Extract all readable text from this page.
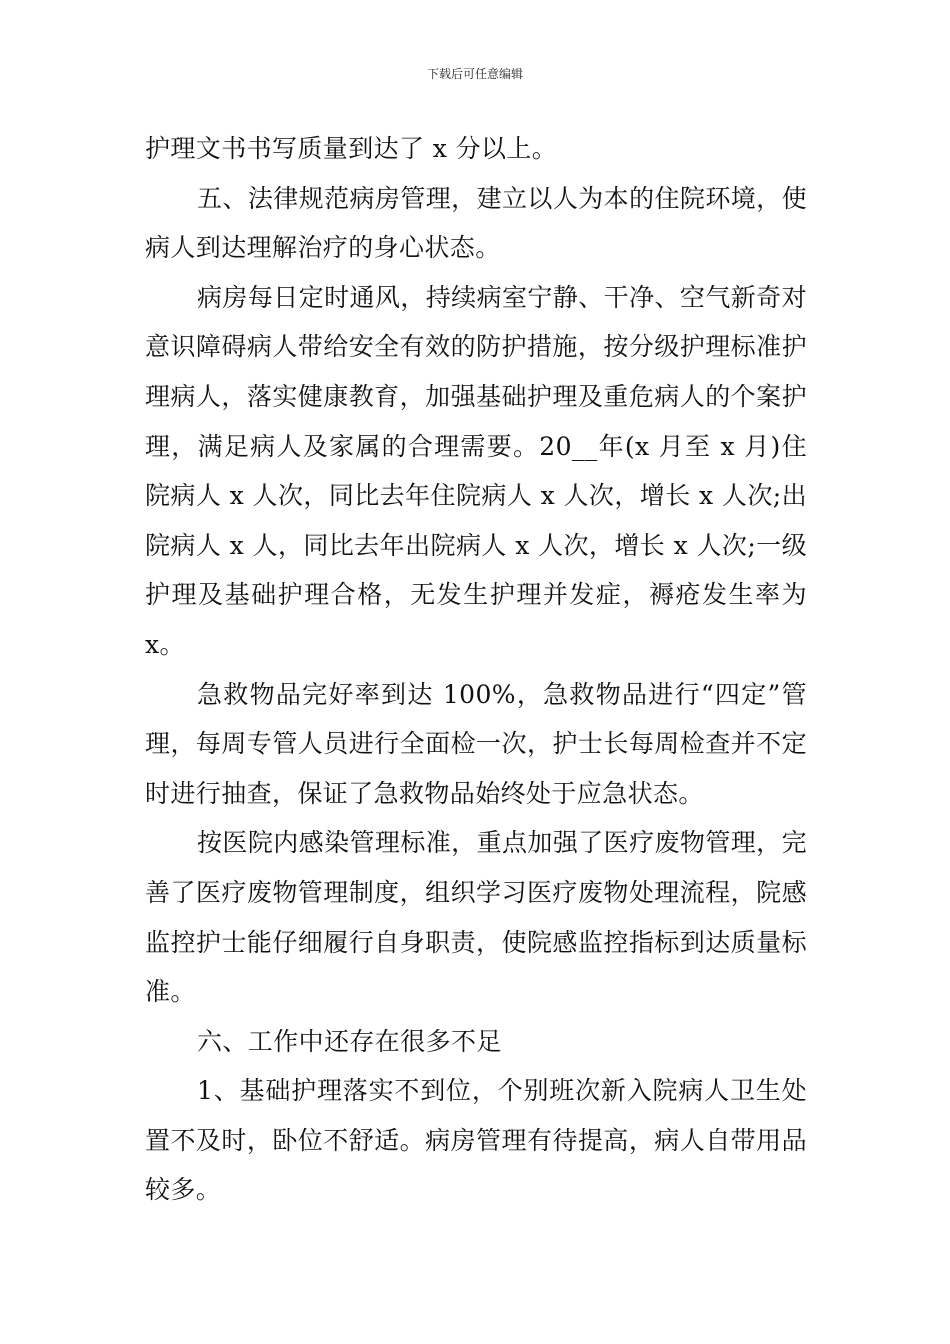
下载后可任意编辑

护理文书书写质量到达了 x 分以上。

五、法律规范病房管理，建立以人为本的住院环境，使病人到达理解治疗的身心状态。

病房每日定时通风，持续病室宁静、干净、空气新奇对意识障碍病人带给安全有效的防护措施，按分级护理标准护理病人，落实健康教育，加强基础护理及重危病人的个案护理，满足病人及家属的合理需要。20__年(x 月至 x 月)住院病人 x 人次，同比去年住院病人 x 人次，增长 x 人次;出院病人 x 人，同比去年出院病人 x 人次，增长 x 人次;一级护理及基础护理合格，无发生护理并发症，褥疮发生率为 x。

急救物品完好率到达 100%，急救物品进行“四定”管理，每周专管人员进行全面检一次，护士长每周检查并不定时进行抽查，保证了急救物品始终处于应急状态。

按医院内感染管理标准，重点加强了医疗废物管理，完善了医疗废物管理制度，组织学习医疗废物处理流程，院感监控护士能仔细履行自身职责，使院感监控指标到达质量标准。

六、工作中还存在很多不足

1、基础护理落实不到位，个别班次新入院病人卫生处置不及时，卧位不舒适。病房管理有待提高，病人自带用品较多。
